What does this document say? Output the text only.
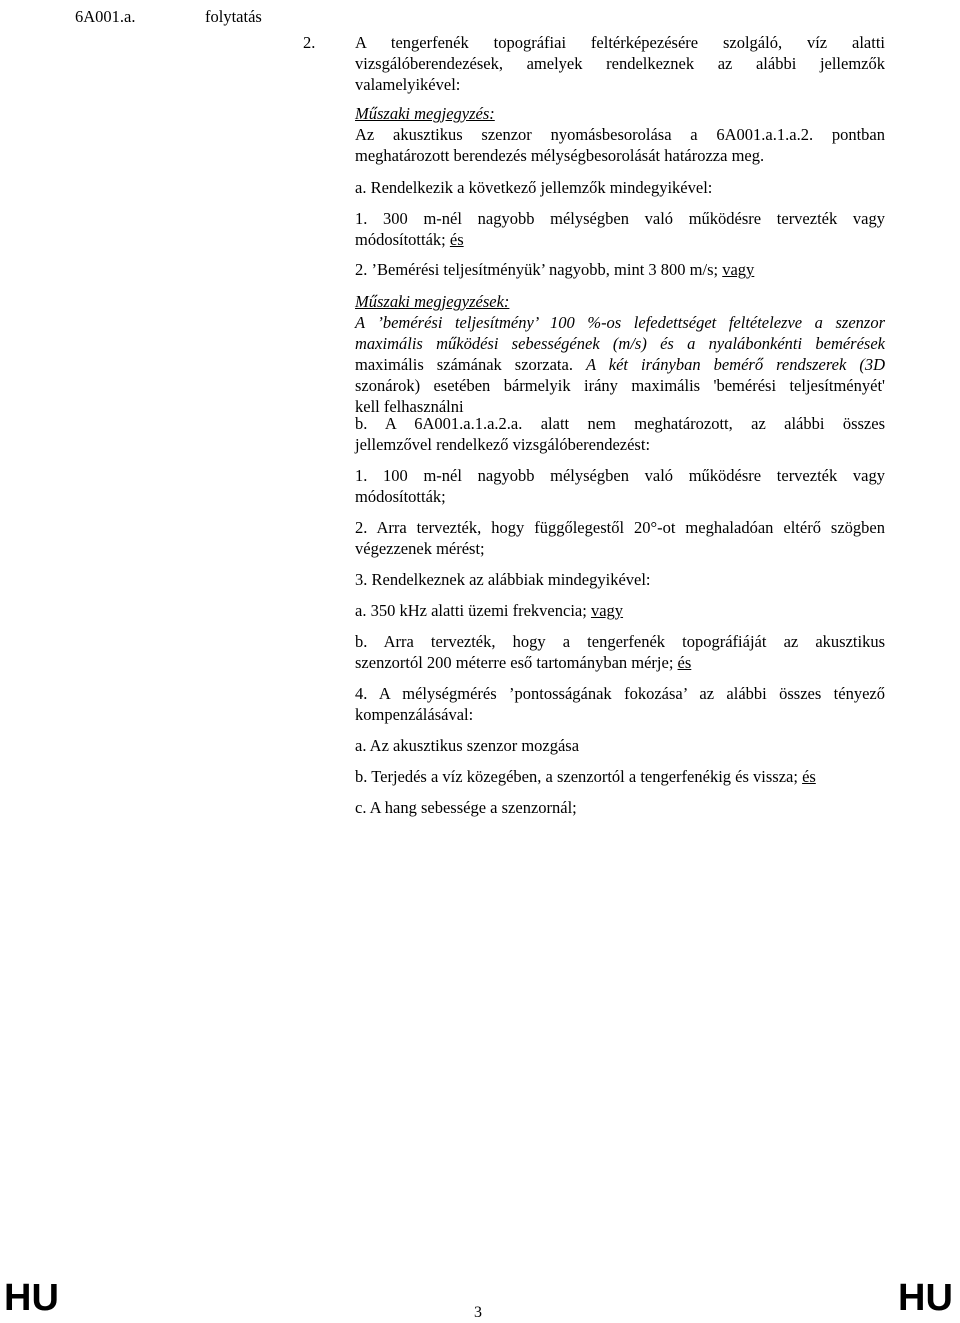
6A001.a.	folytatás
2. A tengerfenék topográfiai feltérképezésére szolgáló, víz alatti

vizsgálóberendezések, amelyek rendelkeznek az alábbi jellemzők

valamelyikével:

Műszaki megjegyzés:

Az akusztikus szenzor nyomásbesorolása a 6A001.a.1.a.2. pontban

meghatározott berendezés mélységbesorolását határozza meg.

a. Rendelkezik a következő jellemzők mindegyikével:

1. 300 m-nél nagyobb mélységben való működésre tervezték vagy

módosították; és

2. ’Bemérési teljesítményük’ nagyobb, mint 3 800 m/s; vagy

Műszaki megjegyzések:

A ’bemérési teljesítmény’ 100 %-os lefedettséget feltételezve a szenzor

maximális működési sebességének (m/s) és a nyalábonkénti bemérések

maximális számának szorzata. A két irányban bemérő rendszerek (3D

szonárok) esetében bármelyik irány maximális 'bemérési teljesítményét'

kell felhasználni

b. A 6A001.a.1.a.2.a. alatt nem meghatározott, az alábbi összes

jellemzővel rendelkező vizsgálóberendezést:

1. 100 m-nél nagyobb mélységben való működésre tervezték vagy

módosították;

2. Arra tervezték, hogy függőlegestől 20°-ot meghaladóan eltérő szögben

végezzenek mérést;

3. Rendelkeznek az alábbiak mindegyikével:

a. 350 kHz alatti üzemi frekvencia; vagy

b. Arra tervezték, hogy a tengerfenék topográfiáját az akusztikus

szenzortól 200 méterre eső tartományban mérje; és

4. A mélységmérés ’pontosságának fokozása’ az alábbi összes tényező

kompenzálásával:

a. Az akusztikus szenzor mozgása

b. Terjedés a víz közegében, a szenzortól a tengerfenékig és vissza; és

c. A hang sebessége a szenzornál;

HU	3	HU
